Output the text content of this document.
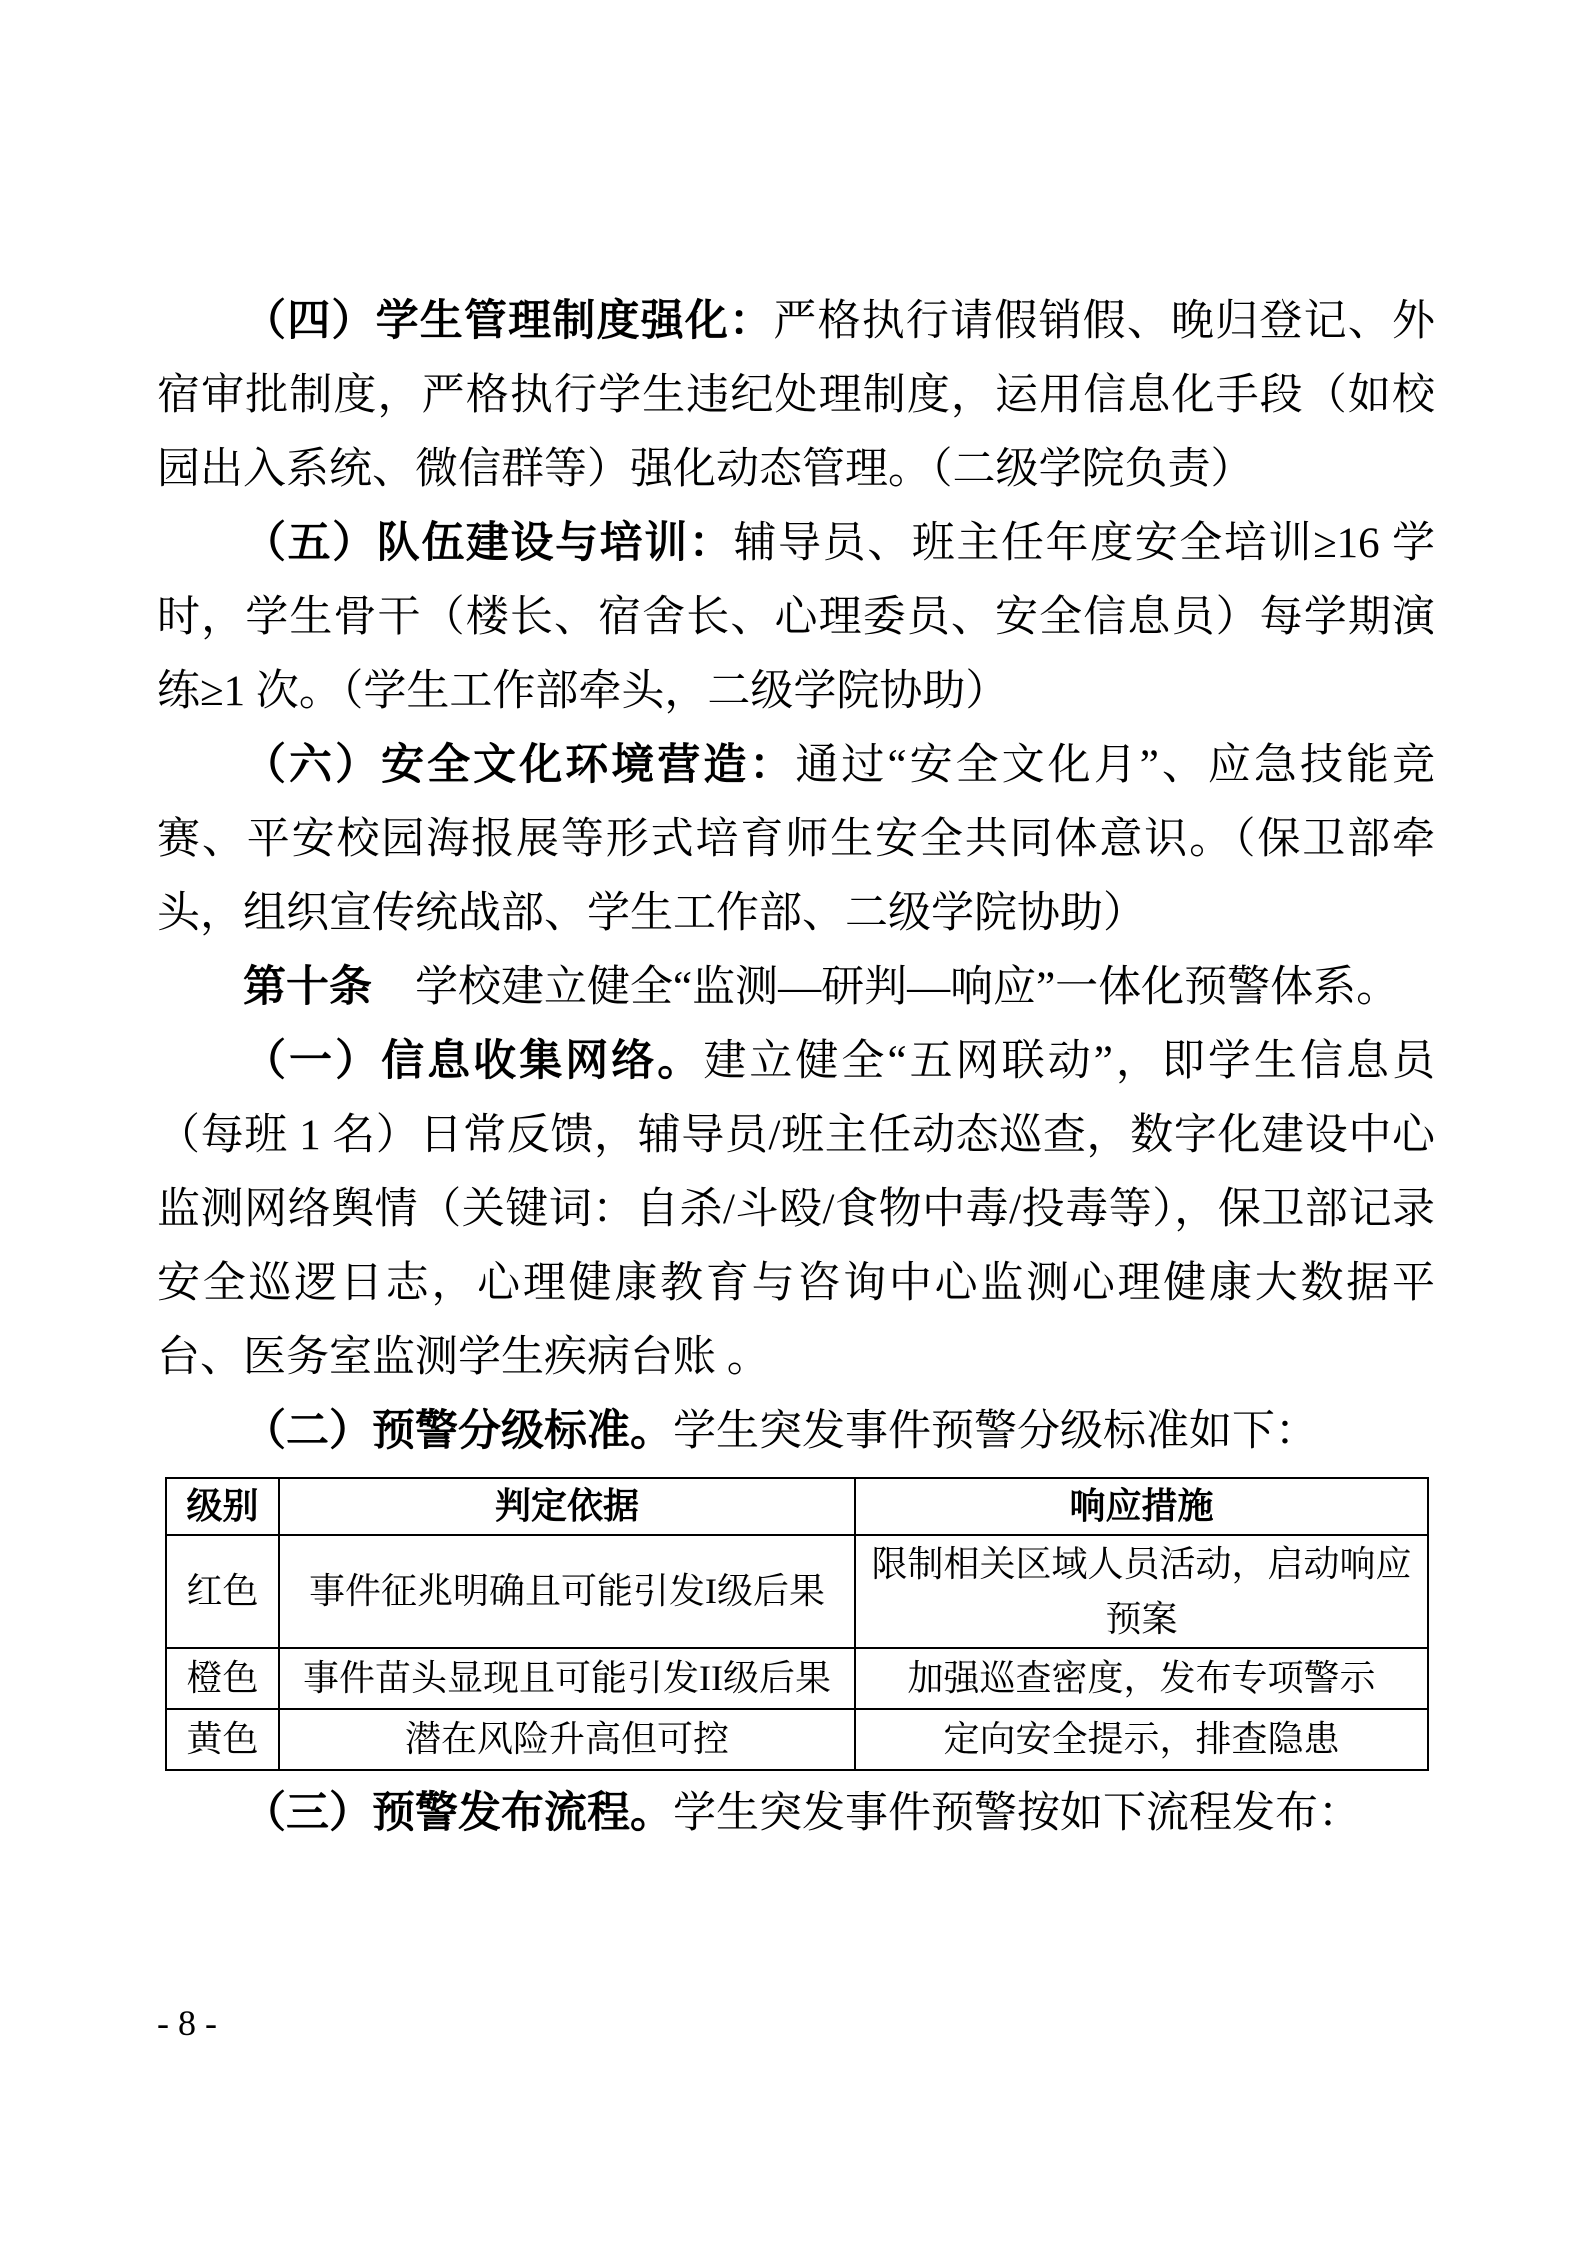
（四）学生管理制度强化：严格执行请假销假、晚归登记、外宿审批制度，严格执行学生违纪处理制度，运用信息化手段（如校园出入系统、微信群等）强化动态管理。（二级学院负责）

（五）队伍建设与培训：辅导员、班主任年度安全培训≥16 学时，学生骨干（楼长、宿舍长、心理委员、安全信息员）每学期演练≥1 次。（学生工作部牵头，二级学院协助）

（六）安全文化环境营造：通过“安全文化月”、应急技能竞赛、平安校园海报展等形式培育师生安全共同体意识。（保卫部牵头，组织宣传统战部、学生工作部、二级学院协助）

第十条　学校建立健全“监测—研判—响应”一体化预警体系。

（一）信息收集网络。建立健全“五网联动”，即学生信息员（每班 1 名）日常反馈，辅导员/班主任动态巡查，数字化建设中心监测网络舆情（关键词：自杀/斗殴/食物中毒/投毒等），保卫部记录安全巡逻日志，心理健康教育与咨询中心监测心理健康大数据平台、医务室监测学生疾病台账 。

（二）预警分级标准。学生突发事件预警分级标准如下：

级别	判定依据	响应措施
红色	事件征兆明确且可能引发I级后果	限制相关区域人员活动，启动响应预案
橙色	事件苗头显现且可能引发II级后果	加强巡查密度，发布专项警示
黄色	潜在风险升高但可控	定向安全提示，排查隐患

（三）预警发布流程。学生突发事件预警按如下流程发布：

- 8 -
